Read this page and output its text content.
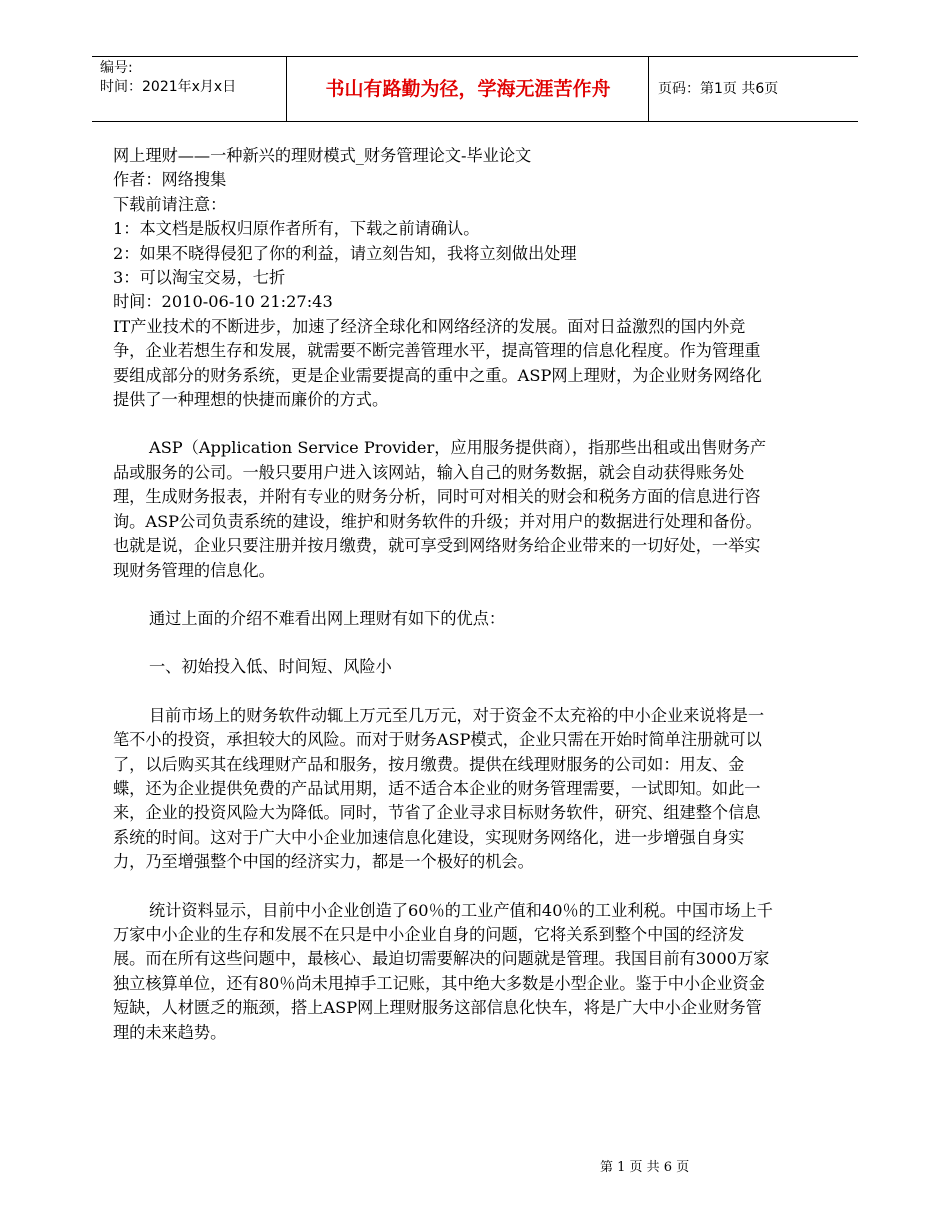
编号:
时间：2021年x月x日	书山有路勤为径，学海无涯苦作舟	页码：第1页 共6页

网上理财——一种新兴的理财模式_财务管理论文-毕业论文

作者：网络搜集

下载前请注意：

1：本文档是版权归原作者所有，下载之前请确认。

2：如果不晓得侵犯了你的利益，请立刻告知，我将立刻做出处理

3：可以淘宝交易，七折

时间：2010-06-10 21:27:43

IT产业技术的不断进步，加速了经济全球化和网络经济的发展。面对日益激烈的国内外竞争，企业若想生存和发展，就需要不断完善管理水平，提高管理的信息化程度。作为管理重要组成部分的财务系统，更是企业需要提高的重中之重。ASP网上理财，为企业财务网络化提供了一种理想的快捷而廉价的方式。

ASP（Application Service Provider，应用服务提供商），指那些出租或出售财务产品或服务的公司。一般只要用户进入该网站，输入自己的财务数据，就会自动获得账务处理，生成财务报表，并附有专业的财务分析，同时可对相关的财会和税务方面的信息进行咨询。ASP公司负责系统的建设，维护和财务软件的升级；并对用户的数据进行处理和备份。也就是说，企业只要注册并按月缴费，就可享受到网络财务给企业带来的一切好处，一举实现财务管理的信息化。

通过上面的介绍不难看出网上理财有如下的优点：

一、初始投入低、时间短、风险小

目前市场上的财务软件动辄上万元至几万元，对于资金不太充裕的中小企业来说将是一笔不小的投资，承担较大的风险。而对于财务ASP模式，企业只需在开始时简单注册就可以了，以后购买其在线理财产品和服务，按月缴费。提供在线理财服务的公司如：用友、金蝶，还为企业提供免费的产品试用期，适不适合本企业的财务管理需要，一试即知。如此一来，企业的投资风险大为降低。同时，节省了企业寻求目标财务软件，研究、组建整个信息系统的时间。这对于广大中小企业加速信息化建设，实现财务网络化，进一步增强自身实力，乃至增强整个中国的经济实力，都是一个极好的机会。

统计资料显示，目前中小企业创造了60％的工业产值和40％的工业利税。中国市场上千万家中小企业的生存和发展不在只是中小企业自身的问题，它将关系到整个中国的经济发展。而在所有这些问题中，最核心、最迫切需要解决的问题就是管理。我国目前有3000万家独立核算单位，还有80％尚未甩掉手工记账，其中绝大多数是小型企业。鉴于中小企业资金短缺，人材匮乏的瓶颈，搭上ASP网上理财服务这部信息化快车，将是广大中小企业财务管理的未来趋势。

第 1 页 共 6 页
